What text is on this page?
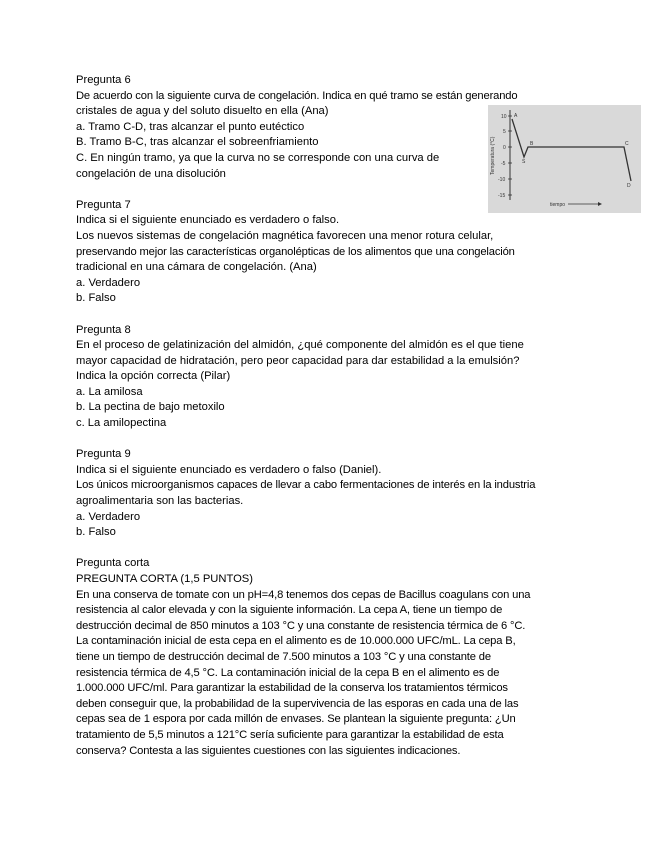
Pregunta 6
De acuerdo con la siguiente curva de congelación. Indica en qué tramo se están generando
cristales de agua y del soluto disuelto en ella (Ana)
a. Tramo C-D, tras alcanzar el punto eutéctico
B. Tramo B-C, tras alcanzar el sobreenfriamiento
C. En ningún tramo, ya que la curva no se corresponde con una curva de
congelación de una disolución
Pregunta 7
Indica si el siguiente enunciado es verdadero o falso.
Los nuevos sistemas de congelación magnética favorecen una menor rotura celular,
preservando mejor las características organolépticas de los alimentos que una congelación
tradicional en una cámara de congelación. (Ana)
a. Verdadero
b. Falso
Pregunta 8
En el proceso de gelatinización del almidón, ¿qué componente del almidón es el que tiene
mayor capacidad de hidratación, pero peor capacidad para dar estabilidad a la emulsión?
Indica la opción correcta (Pilar)
a. La amilosa
b. La pectina de bajo metoxilo
c. La amilopectina
Pregunta 9
Indica si el siguiente enunciado es verdadero o falso (Daniel).
Los únicos microorganismos capaces de llevar a cabo fermentaciones de interés en la industria
agroalimentaria son las bacterias.
a. Verdadero
b. Falso
Pregunta corta
PREGUNTA CORTA (1,5 PUNTOS)
En una conserva de tomate con un pH=4,8 tenemos dos cepas de Bacillus coagulans con una
resistencia al calor elevada y con la siguiente información. La cepa A, tiene un tiempo de
destrucción decimal de 850 minutos a 103 °C y una constante de resistencia térmica de 6 °C.
La contaminación inicial de esta cepa en el alimento es de 10.000.000 UFC/mL. La cepa B,
tiene un tiempo de destrucción decimal de 7.500 minutos a 103 °C y una constante de
resistencia térmica de 4,5 °C. La contaminación inicial de la cepa B en el alimento es de
1.000.000 UFC/ml. Para garantizar la estabilidad de la conserva los tratamientos térmicos
deben conseguir que, la probabilidad de la supervivencia de las esporas en cada una de las
cepas sea de 1 espora por cada millón de envases. Se plantean la siguiente pregunta: ¿Un
tratamiento de 5,5 minutos a 121°C sería suficiente para garantizar la estabilidad de esta
conserva? Contesta a las siguientes cuestiones con las siguientes indicaciones.
10
5
0
-5
-10
-15
Temperatura (°C)
tiempo
A
B
S
C
D
